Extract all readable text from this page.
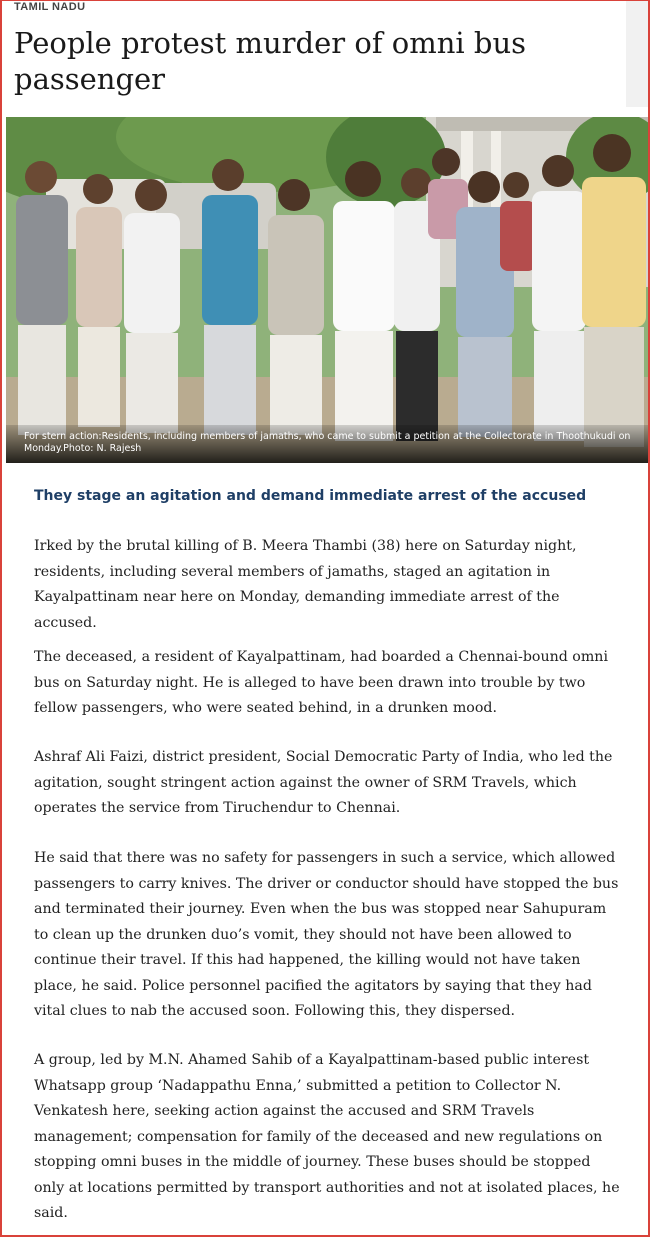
TAMIL NADU
People protest murder of omni bus passenger
For stern action:Residents, including members of jamaths, who came to submit a petition at the Collectorate in Thoothukudi on Monday.Photo: N. Rajesh
They stage an agitation and demand immediate arrest of the accused

Irked by the brutal killing of B. Meera Thambi (38) here on Saturday night, residents, including several members of jamaths, staged an agitation in Kayalpattinam near here on Monday, demanding immediate arrest of the accused.

The deceased, a resident of Kayalpattinam, had boarded a Chennai-bound omni bus on Saturday night. He is alleged to have been drawn into trouble by two fellow passengers, who were seated behind, in a drunken mood.

Ashraf Ali Faizi, district president, Social Democratic Party of India, who led the agitation, sought stringent action against the owner of SRM Travels, which operates the service from Tiruchendur to Chennai.

He said that there was no safety for passengers in such a service, which allowed passengers to carry knives. The driver or conductor should have stopped the bus and terminated their journey. Even when the bus was stopped near Sahupuram to clean up the drunken duo’s vomit, they should not have been allowed to continue their travel. If this had happened, the killing would not have taken place, he said. Police personnel pacified the agitators by saying that they had vital clues to nab the accused soon. Following this, they dispersed.

A group, led by M.N. Ahamed Sahib of a Kayalpattinam-based public interest Whatsapp group ‘Nadappathu Enna,’ submitted a petition to Collector N. Venkatesh here, seeking action against the accused and SRM Travels management; compensation for family of the deceased and new regulations on stopping omni buses in the middle of journey. These buses should be stopped only at locations permitted by transport authorities and not at isolated places, he said.
